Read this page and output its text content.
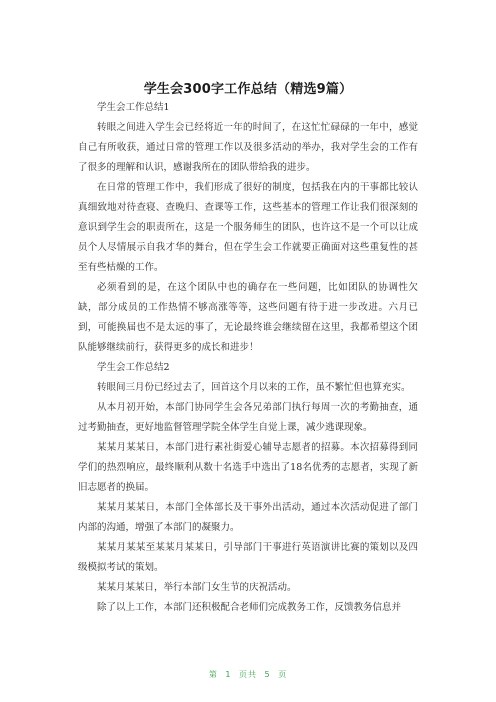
学生会300字工作总结（精选9篇）

学生会工作总结1

转眼之间进入学生会已经将近一年的时间了，在这忙忙碌碌的一年中，感觉自己有所收获，通过日常的管理工作以及很多活动的举办，我对学生会的工作有了很多的理解和认识，感谢我所在的团队带给我的进步。

在日常的管理工作中，我们形成了很好的制度，包括我在内的干事都比较认真细致地对待查寝、查晚归、查课等工作，这些基本的管理工作让我们很深刻的意识到学生会的职责所在，这是一个服务师生的团队，也许这不是一个可以让成员个人尽情展示自我才华的舞台，但在学生会工作就要正确面对这些重复性的甚至有些枯燥的工作。

必须看到的是，在这个团队中也的确存在一些问题，比如团队的协调性欠缺，部分成员的工作热情不够高涨等等，这些问题有待于进一步改进。六月已到，可能换届也不是太远的事了，无论最终谁会继续留在这里，我都希望这个团队能够继续前行，获得更多的成长和进步！

学生会工作总结2

转眼间三月份已经过去了，回首这个月以来的工作，虽不繁忙但也算充实。

从本月初开始，本部门协同学生会各兄弟部门执行每周一次的考勤抽查，通过考勤抽查，更好地监督管理学院全体学生自觉上课，减少逃课现象。

某某月某某日，本部门进行素社街爱心辅导志愿者的招募。本次招募得到同学们的热烈响应，最终顺利从数十名选手中选出了18名优秀的志愿者，实现了新旧志愿者的换届。

某某月某某日，本部门全体部长及干事外出活动，通过本次活动促进了部门内部的沟通，增强了本部门的凝聚力。

某某月某某至某某月某某日，引导部门干事进行英语演讲比赛的策划以及四级模拟考试的策划。

某某月某某日，举行本部门女生节的庆祝活动。

除了以上工作，本部门还积极配合老师们完成教务工作，反馈教务信息并

第 1 页共 5 页
